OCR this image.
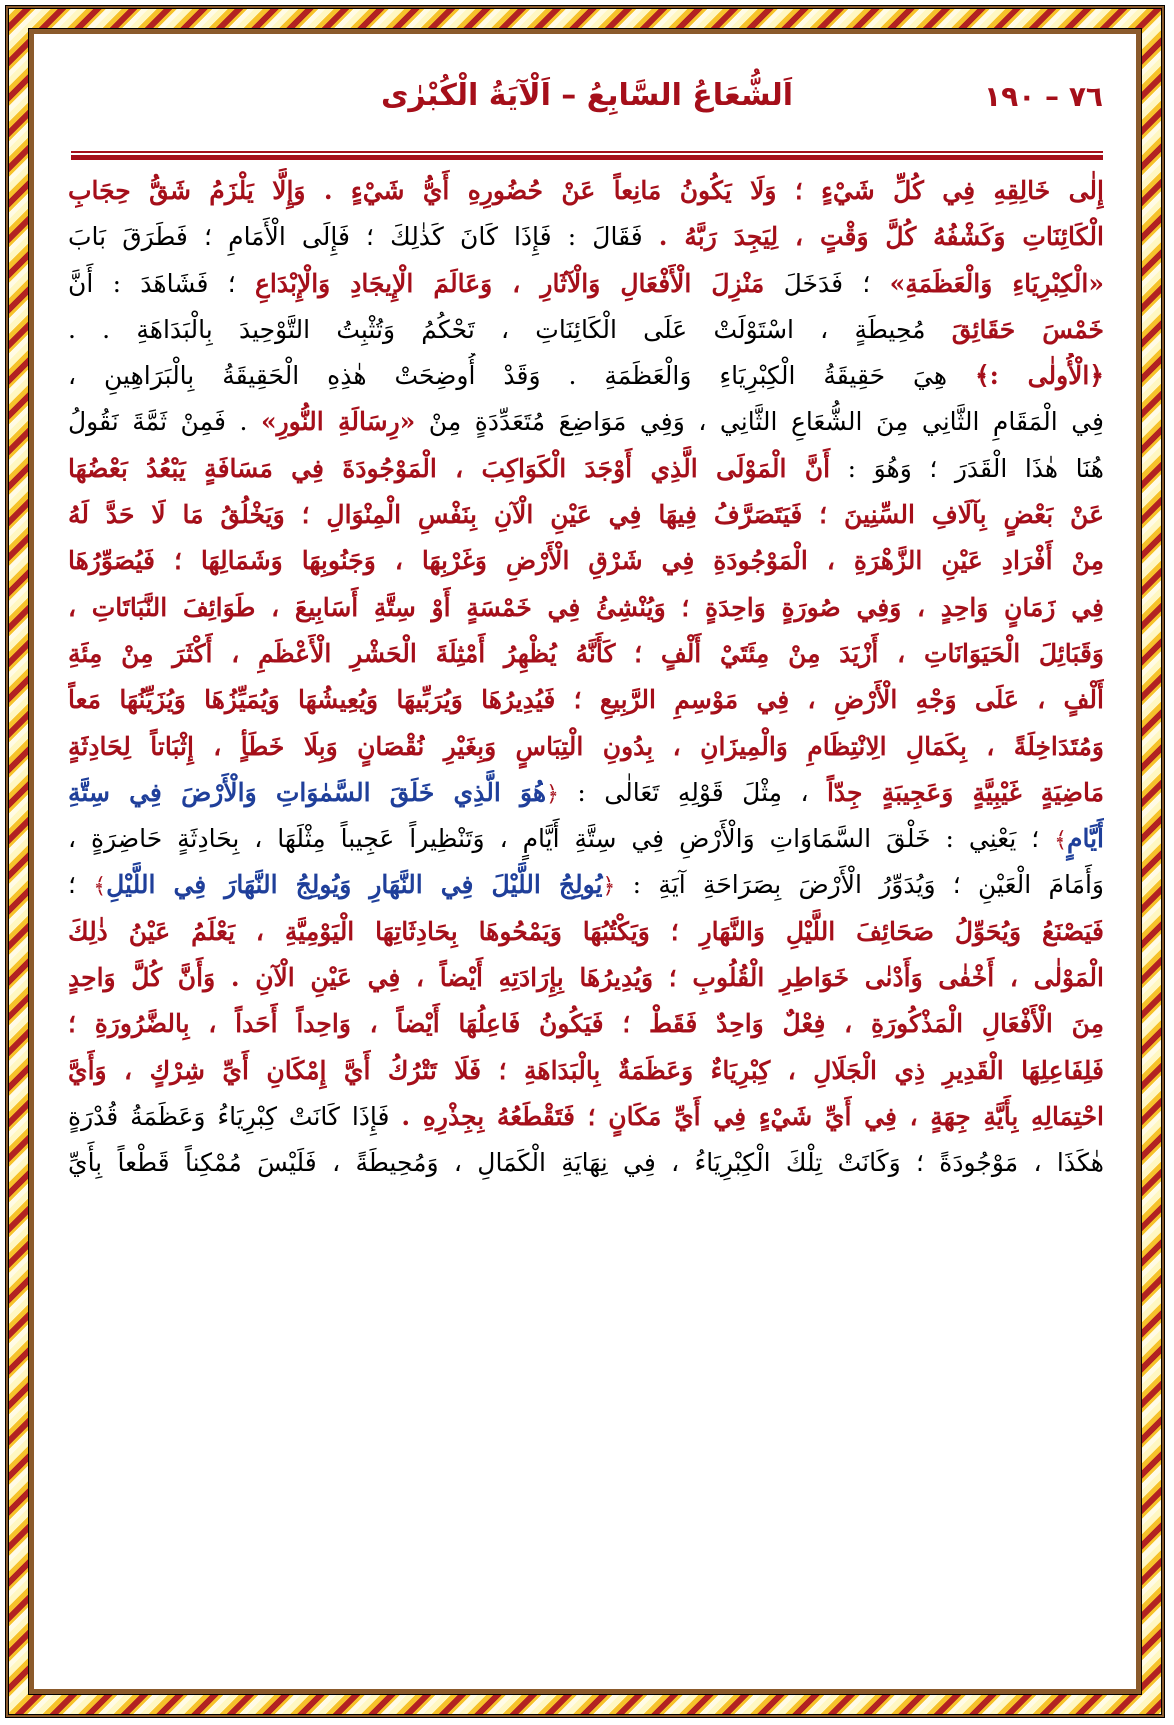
٧٦ – ١٩٠
اَلشُّعَاعُ السَّابِعُ – اَلْآيَةُ الْكُبْرٰى
إِلٰى خَالِقِهِ فِي كُلِّ شَيْءٍ ؛ وَلَا يَكُونُ مَانِعاً عَنْ حُضُورِهِ أَيُّ شَيْءٍ . وَإِلَّا يَلْزَمُ شَقُّ حِجَابِ
الْكَائِنَاتِ وَكَشْفُهُ كُلَّ وَقْتٍ ، لِيَجِدَ رَبَّهُ . فَقَالَ : فَإِذَا كَانَ كَذٰلِكَ ؛ فَإِلَى الْأَمَامِ ؛ فَطَرَقَ بَابَ
«الْكِبْرِيَاءِ وَالْعَظَمَةِ» ؛ فَدَخَلَ مَنْزِلَ الْأَفْعَالِ وَالْآثَارِ ، وَعَالَمَ الْإِيجَادِ وَالْإِبْدَاعِ ؛ فَشَاهَدَ : أَنَّ
خَمْسَ حَقَائِقَ مُحِيطَةٍ ، اسْتَوْلَتْ عَلَى الْكَائِنَاتِ ، تَحْكُمُ وَتُثْبِتُ التَّوْحِيدَ بِالْبَدَاهَةِ . .
﴿الْأُولٰى :﴾ هِيَ حَقِيقَةُ الْكِبْرِيَاءِ وَالْعَظَمَةِ . وَقَدْ أُوضِحَتْ هٰذِهِ الْحَقِيقَةُ بِالْبَرَاهِينِ ،
فِي الْمَقَامِ الثَّانِي مِنَ الشُّعَاعِ الثَّانِي ، وَفِي مَوَاضِعَ مُتَعَدِّدَةٍ مِنْ «رِسَالَةِ النُّورِ» . فَمِنْ ثَمَّةَ نَقُولُ
هُنَا هٰذَا الْقَدَرَ ؛ وَهُوَ : أَنَّ الْمَوْلَى الَّذِي أَوْجَدَ الْكَوَاكِبَ ، الْمَوْجُودَةَ فِي مَسَافَةٍ يَبْعُدُ بَعْضُهَا
عَنْ بَعْضٍ بِآلَافِ السِّنِينَ ؛ فَيَتَصَرَّفُ فِيهَا فِي عَيْنِ الْآنِ بِنَفْسِ الْمِنْوَالِ ؛ وَيَخْلُقُ مَا لَا حَدَّ لَهُ
مِنْ أَفْرَادِ عَيْنِ الزَّهْرَةِ ، الْمَوْجُودَةِ فِي شَرْقِ الْأَرْضِ وَغَرْبِهَا ، وَجَنُوبِهَا وَشَمَالِهَا ؛ فَيُصَوِّرُهَا
فِي زَمَانٍ وَاحِدٍ ، وَفِي صُورَةٍ وَاحِدَةٍ ؛ وَيُنْشِئُ فِي خَمْسَةٍ أَوْ سِتَّةِ أَسَابِيعَ ، طَوَائِفَ النَّبَاتَاتِ ،
وَقَبَائِلَ الْحَيَوَانَاتِ ، أَزْيَدَ مِنْ مِئَتَيْ أَلْفٍ ؛ كَأَنَّهُ يُظْهِرُ أَمْثِلَةَ الْحَشْرِ الْأَعْظَمِ ، أَكْثَرَ مِنْ مِئَةِ
أَلْفٍ ، عَلَى وَجْهِ الْأَرْضِ ، فِي مَوْسِمِ الرَّبِيعِ ؛ فَيُدِيرُهَا وَيُرَبِّيهَا وَيُعِيشُهَا وَيُمَيِّزُهَا وَيُزَيِّنُهَا مَعاً
وَمُتَدَاخِلَةً ، بِكَمَالِ الِانْتِظَامِ وَالْمِيزَانِ ، بِدُونِ الْتِبَاسٍ وَبِغَيْرِ نُقْصَانٍ وَبِلَا خَطَأٍ ، إِثْبَاتاً لِحَادِثَةٍ
مَاضِيَةٍ غَيْبِيَّةٍ وَعَجِيبَةٍ جِدّاً ، مِثْلَ قَوْلِهِ تَعَالٰى : ﴿هُوَ الَّذِي خَلَقَ السَّمٰوَاتِ وَالْأَرْضَ فِي سِتَّةِ
أَيَّامٍ﴾ ؛ يَعْنِي : خَلْقَ السَّمَاوَاتِ وَالْأَرْضِ فِي سِتَّةِ أَيَّامٍ ، وَتَنْظِيراً عَجِيباً مِثْلَهَا ، بِحَادِثَةٍ حَاضِرَةٍ ،
وَأَمَامَ الْعَيْنِ ؛ وَيُدَوِّرُ الْأَرْضَ بِصَرَاحَةِ آيَةِ : ﴿يُولِجُ اللَّيْلَ فِي النَّهَارِ وَيُولِجُ النَّهَارَ فِي اللَّيْلِ﴾ ؛
فَيَصْنَعُ وَيُحَوِّلُ صَحَائِفَ اللَّيْلِ وَالنَّهَارِ ؛ وَيَكْتُبُهَا وَيَمْحُوهَا بِحَادِثَاتِهَا الْيَوْمِيَّةِ ، يَعْلَمُ عَيْنُ ذٰلِكَ
الْمَوْلٰى ، أَخْفٰى وَأَدْنٰى خَوَاطِرِ الْقُلُوبِ ؛ وَيُدِيرُهَا بِإِرَادَتِهِ أَيْضاً ، فِي عَيْنِ الْآنِ . وَأَنَّ كُلَّ وَاحِدٍ
مِنَ الْأَفْعَالِ الْمَذْكُورَةِ ، فِعْلٌ وَاحِدٌ فَقَطْ ؛ فَيَكُونُ فَاعِلُهَا أَيْضاً ، وَاحِداً أَحَداً ، بِالضَّرُورَةِ ؛
فَلِفَاعِلِهَا الْقَدِيرِ ذِي الْجَلَالِ ، كِبْرِيَاءٌ وَعَظَمَةٌ بِالْبَدَاهَةِ ؛ فَلَا تَتْرُكُ أَيَّ إِمْكَانِ أَيِّ شِرْكٍ ، وَأَيَّ
احْتِمَالِهِ بِأَيَّةِ جِهَةٍ ، فِي أَيِّ شَيْءٍ فِي أَيِّ مَكَانٍ ؛ فَتَقْطَعُهُ بِجِذْرِهِ . فَإِذَا كَانَتْ كِبْرِيَاءُ وَعَظَمَةُ قُدْرَةٍ
هٰكَذَا ، مَوْجُودَةً ؛ وَكَانَتْ تِلْكَ الْكِبْرِيَاءُ ، فِي نِهَايَةِ الْكَمَالِ ، وَمُحِيطَةً ، فَلَيْسَ مُمْكِناً قَطْعاً بِأَيِّ
